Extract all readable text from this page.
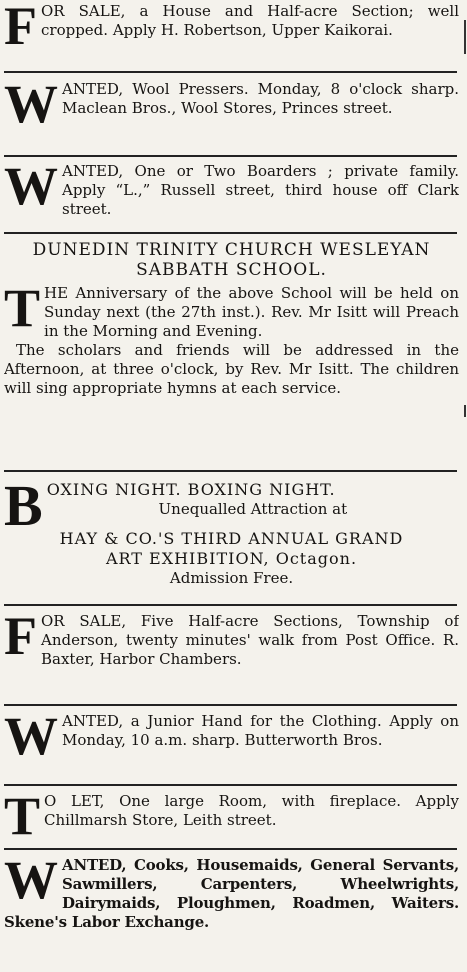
F OR SALE, a House and Half-acre Section; well cropped. Apply H. Robertson, Upper Kaikorai.

W ANTED, Wool Pressers. Monday, 8 o'clock sharp. Maclean Bros., Wool Stores, Princes street.

W ANTED, One or Two Boarders ; private family. Apply “L.,” Russell street, third house off Clark street.

DUNEDIN TRINITY CHURCH WESLEYAN SABBATH SCHOOL.
T HE Anniversary of the above School will be held on Sunday next (the 27th inst.). Rev. Mr Isitt will Preach in the Morning and Evening.

The scholars and friends will be addressed in the Afternoon, at three o'clock, by Rev. Mr Isitt. The children will sing appropriate hymns at each service.

B OXING NIGHT. BOXING NIGHT.
Unequalled Attraction at
HAY & CO.'S THIRD ANNUAL GRAND
ART EXHIBITION, Octagon.
Admission Free.
F OR SALE, Five Half-acre Sections, Township of Anderson, twenty minutes' walk from Post Office. R. Baxter, Harbor Chambers.

W ANTED, a Junior Hand for the Clothing. Apply on Monday, 10 a.m. sharp. Butterworth Bros.

T O LET, One large Room, with fireplace. Apply Chillmarsh Store, Leith street.

W ANTED, Cooks, Housemaids, General Servants, Sawmillers, Carpenters, Wheelwrights, Dairymaids, Ploughmen, Roadmen, Waiters. Skene's Labor Exchange.
